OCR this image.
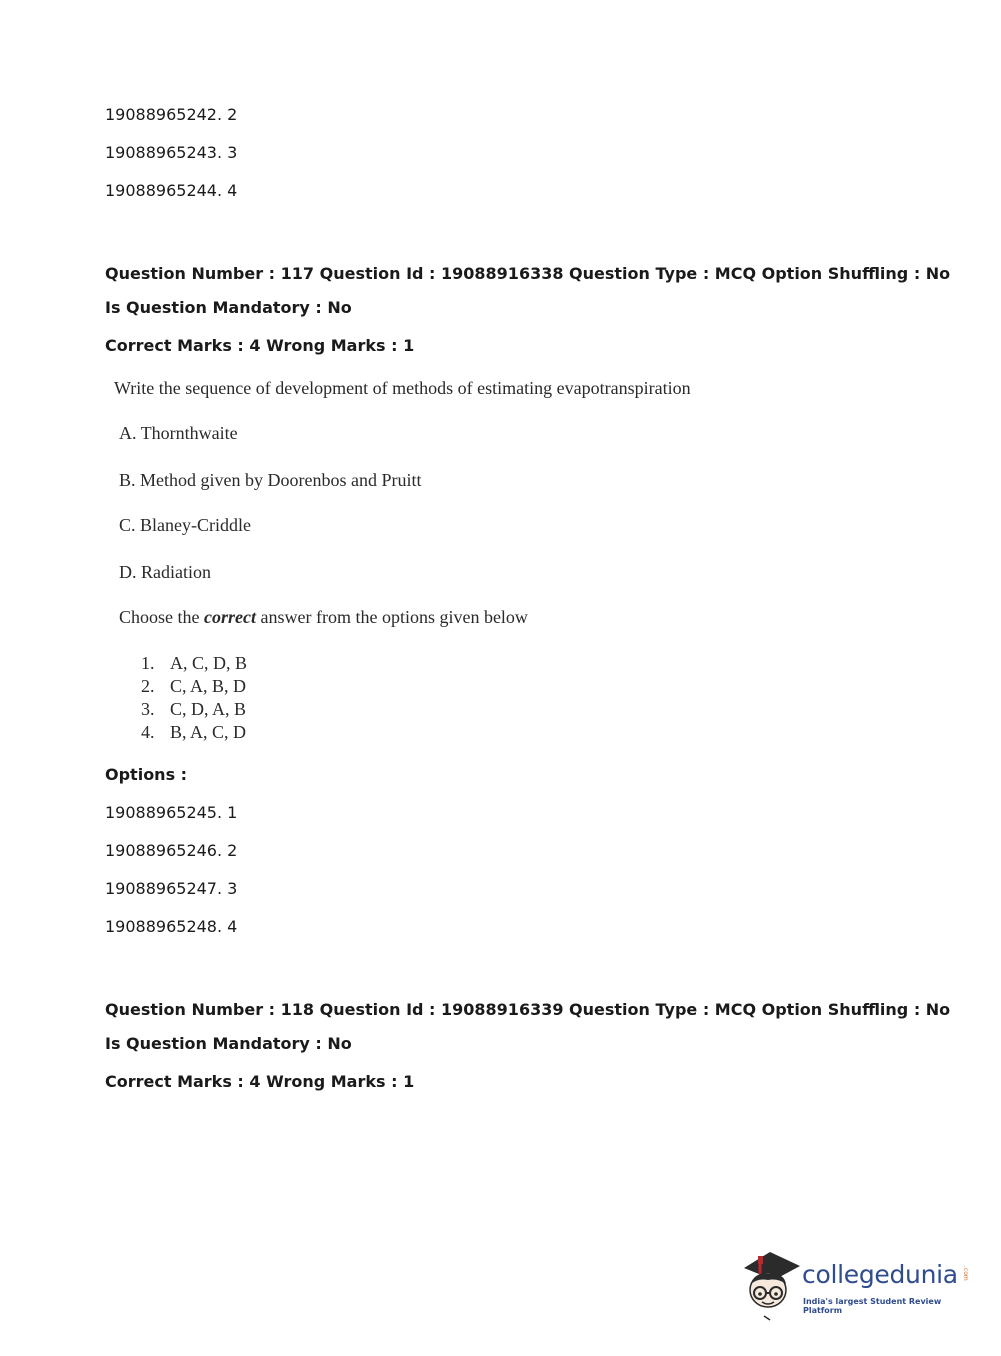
19088965242. 2
19088965243. 3
19088965244. 4
Question Number : 117 Question Id : 19088916338 Question Type : MCQ Option Shuffling : No
Is Question Mandatory : No
Correct Marks : 4 Wrong Marks : 1
Write the sequence of development of methods of estimating evapotranspiration
A. Thornthwaite
B. Method given by Doorenbos and Pruitt
C. Blaney-Criddle
D. Radiation
Choose the correct answer from the options given below
1. A, C, D, B
2. C, A, B, D
3. C, D, A, B
4. B, A, C, D
Options :
19088965245. 1
19088965246. 2
19088965247. 3
19088965248. 4
Question Number : 118 Question Id : 19088916339 Question Type : MCQ Option Shuffling : No
Is Question Mandatory : No
Correct Marks : 4 Wrong Marks : 1
collegedunia .com
India's largest Student Review Platform
